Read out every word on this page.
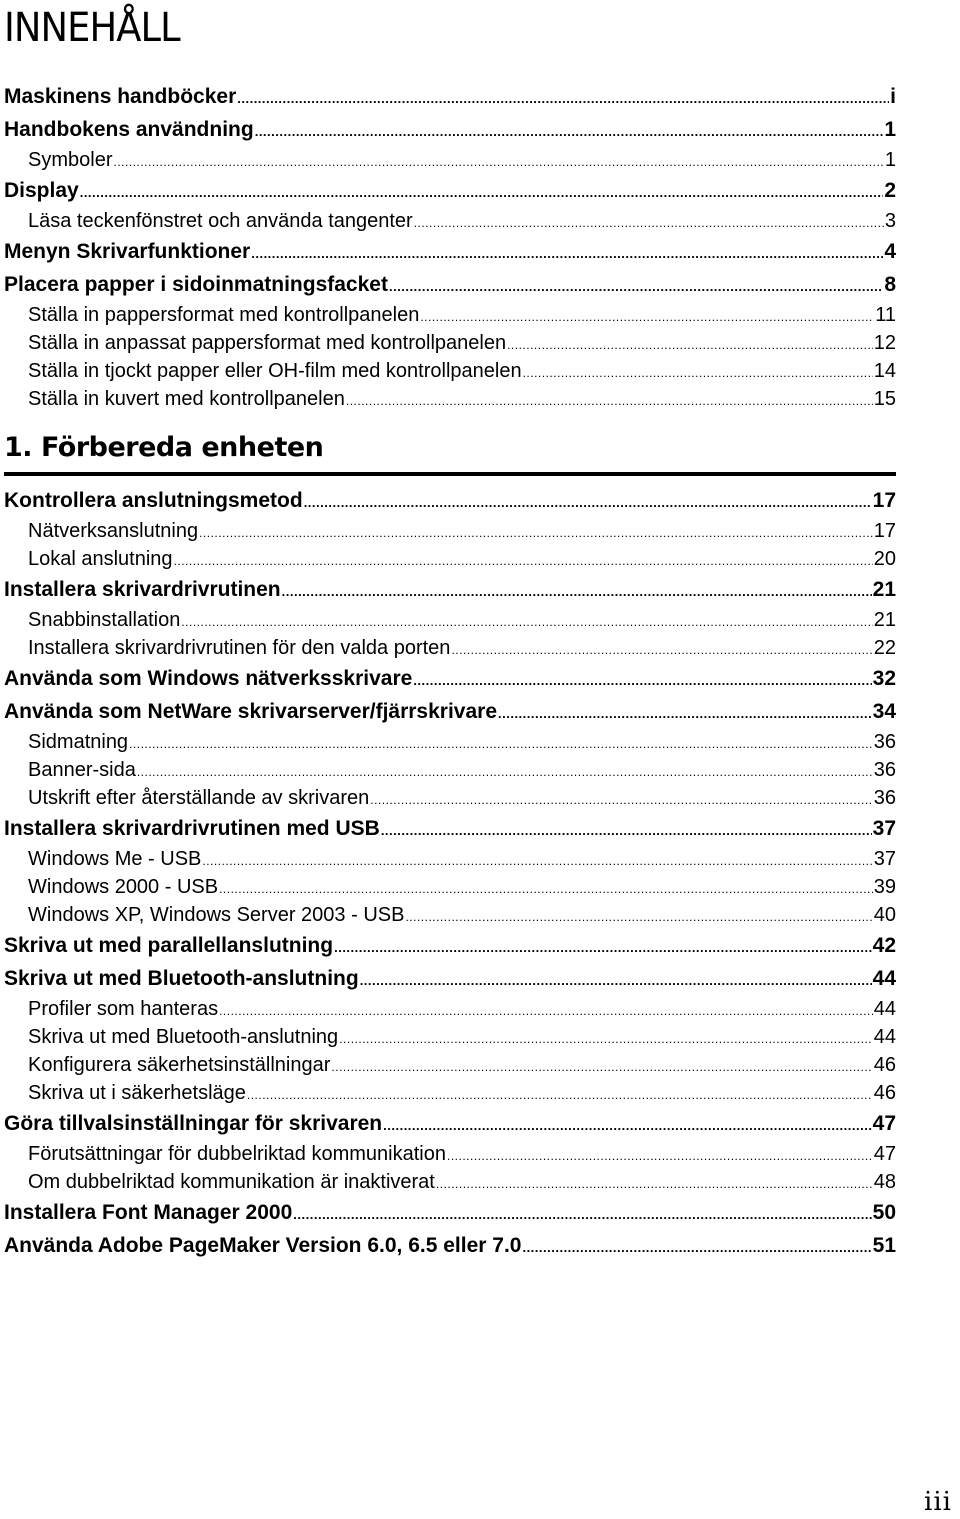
INNEHÅLL
Maskinens handböcker .....	i
Handbokens användning .....	1
Symboler .....	1
Display .....	2
Läsa teckenfönstret och använda tangenter .....	3
Menyn Skrivarfunktioner .....	4
Placera papper i sidoinmatningsfacket .....	8
Ställa in pappersformat med kontrollpanelen .....	11
Ställa in anpassat pappersformat med kontrollpanelen .....	12
Ställa in tjockt papper eller OH-film med kontrollpanelen .....	14
Ställa in kuvert med kontrollpanelen .....	15
1. Förbereda enheten
Kontrollera anslutningsmetod .....	17
Nätverksanslutning .....	17
Lokal anslutning .....	20
Installera skrivardrivrutinen .....	21
Snabbinstallation .....	21
Installera skrivardrivrutinen för den valda porten .....	22
Använda som Windows nätverksskrivare .....	32
Använda som NetWare skrivarserver/fjärrskrivare .....	34
Sidmatning .....	36
Banner-sida .....	36
Utskrift efter återställande av skrivaren .....	36
Installera skrivardrivrutinen med USB .....	37
Windows Me - USB .....	37
Windows 2000 - USB .....	39
Windows XP, Windows Server 2003 - USB .....	40
Skriva ut med parallellanslutning .....	42
Skriva ut med Bluetooth-anslutning .....	44
Profiler som hanteras .....	44
Skriva ut med Bluetooth-anslutning .....	44
Konfigurera säkerhetsinställningar .....	46
Skriva ut i säkerhetsläge .....	46
Göra tillvalsinställningar för skrivaren .....	47
Förutsättningar för dubbelriktad kommunikation .....	47
Om dubbelriktad kommunikation är inaktiverat .....	48
Installera Font Manager 2000 .....	50
Använda Adobe PageMaker Version 6.0, 6.5 eller 7.0 .....	51
iii
